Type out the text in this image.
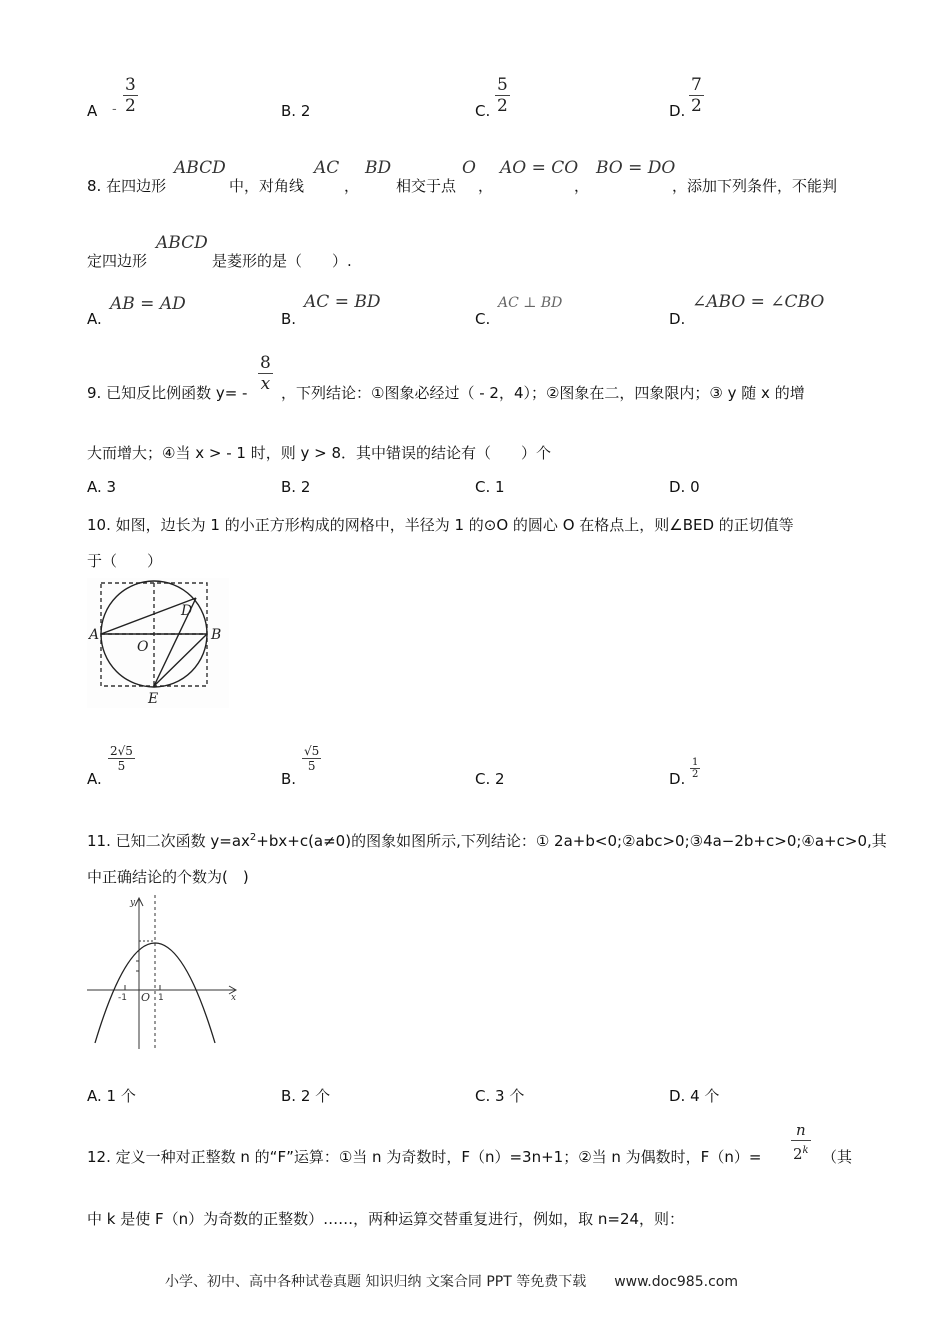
A - $\frac{3}{2}$	B. 2	C. $\frac{5}{2}$	D. $\frac{7}{2}$
8. 在四边形
ABCD
中，对角线
AC
，
BD
相交于点
O
，
AO = CO
，
BO = DO
，添加下列条件，不能判
定四边形
ABCD
是菱形的是（　　）.
A.
AB = AD
B.
AC = BD
C.
AC ⊥ BD
D.
∠ABO = ∠CBO
9. 已知反比例函数 $y= - \frac{8}{x}$ ，下列结论：①图象必经过（ - 2，4）；②图象在二，四象限内；③ y 随 x 的增
大而增大；④当 x > - 1 时，则 y > 8．其中错误的结论有（　　）个
A. 3	B. 2	C. 1	D. 0
10. 如图，边长为 1 的小正方形构成的网格中，半径为 1 的⊙O 的圆心 O 在格点上，则∠BED 的正切值等
于（　　）
A	B
D
O
E
A.
$\frac{2√5}{5}$
B.
$\frac{√5}{5}$
C. 2	D. $\frac{1}{2}$
11. 已知二次函数 $y=ax^2+bx+c(a\ne 0)$的图象如图所示,下列结论：① 2a+b<0;②abc>0;③4a−2b+c>0;④a+c>0,其
中正确结论的个数为(　)
y
x
O
-1	1
A. 1 个	B. 2 个	C. 3 个	D. 4 个
12. 定义一种对正整数 n 的“F”运算：①当 n 为奇数时，F（n）=3n+1；②当 n 为偶数时，$F(n)= \frac{n}{2^k}$ （其
中 k 是使 F（n）为奇数的正整数）……，两种运算交替重复进行，例如，取 n=24，则：
小学、初中、高中各种试卷真题 知识归纳 文案合同 PPT 等免费下载　　www.doc985.com
